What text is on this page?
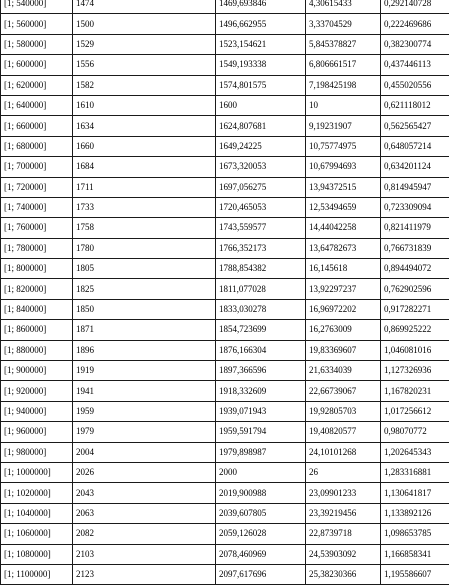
[1; 540000]	1474	1469,693846	4,30615433	0,292140728
[1; 560000]	1500	1496,662955	3,33704529	0,222469686
[1; 580000]	1529	1523,154621	5,845378827	0,382300774
[1; 600000]	1556	1549,193338	6,806661517	0,437446113
[1; 620000]	1582	1574,801575	7,198425198	0,455020556
[1; 640000]	1610	1600	10	0,621118012
[1; 660000]	1634	1624,807681	9,19231907	0,562565427
[1; 680000]	1660	1649,24225	10,75774975	0,648057214
[1; 700000]	1684	1673,320053	10,67994693	0,634201124
[1; 720000]	1711	1697,056275	13,94372515	0,814945947
[1; 740000]	1733	1720,465053	12,53494659	0,723309094
[1; 760000]	1758	1743,559577	14,44042258	0,821411979
[1; 780000]	1780	1766,352173	13,64782673	0,766731839
[1; 800000]	1805	1788,854382	16,145618	0,894494072
[1; 820000]	1825	1811,077028	13,92297237	0,762902596
[1; 840000]	1850	1833,030278	16,96972202	0,917282271
[1; 860000]	1871	1854,723699	16,2763009	0,869925222
[1; 880000]	1896	1876,166304	19,83369607	1,046081016
[1; 900000]	1919	1897,366596	21,6334039	1,127326936
[1; 920000]	1941	1918,332609	22,66739067	1,167820231
[1; 940000]	1959	1939,071943	19,92805703	1,017256612
[1; 960000]	1979	1959,591794	19,40820577	0,98070772
[1; 980000]	2004	1979,898987	24,10101268	1,202645343
[1; 1000000]	2026	2000	26	1,283316881
[1; 1020000]	2043	2019,900988	23,09901233	1,130641817
[1; 1040000]	2063	2039,607805	23,39219456	1,133892126
[1; 1060000]	2082	2059,126028	22,8739718	1,098653785
[1; 1080000]	2103	2078,460969	24,53903092	1,166858341
[1; 1100000]	2123	2097,617696	25,38230366	1,195586607
